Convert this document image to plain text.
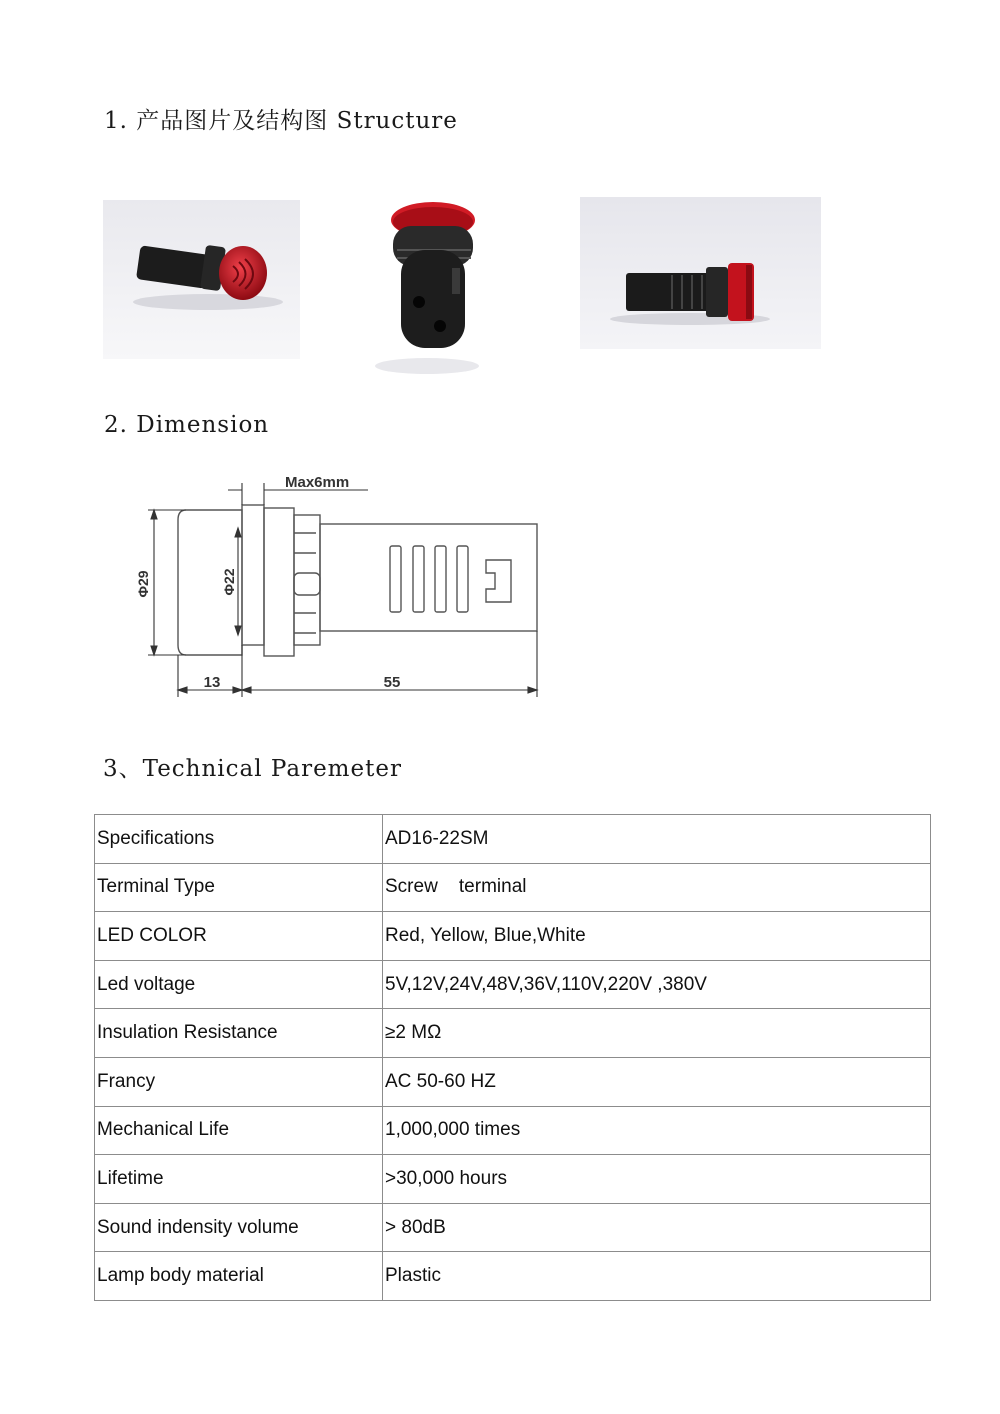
1. 产品图片及结构图 Structure
2. Dimension
Max6mm
Φ29	Φ22
13	55
3、Technical Paremeter
Specifications	AD16-22SM
Terminal Type	Screw    terminal
LED COLOR	Red, Yellow, Blue,White
Led voltage	5V,12V,24V,48V,36V,110V,220V ,380V
Insulation Resistance	≥2 MΩ
Francy	AC 50-60 HZ
Mechanical Life	1,000,000 times
Lifetime	>30,000 hours
Sound indensity volume	> 80dB
Lamp body material	Plastic
